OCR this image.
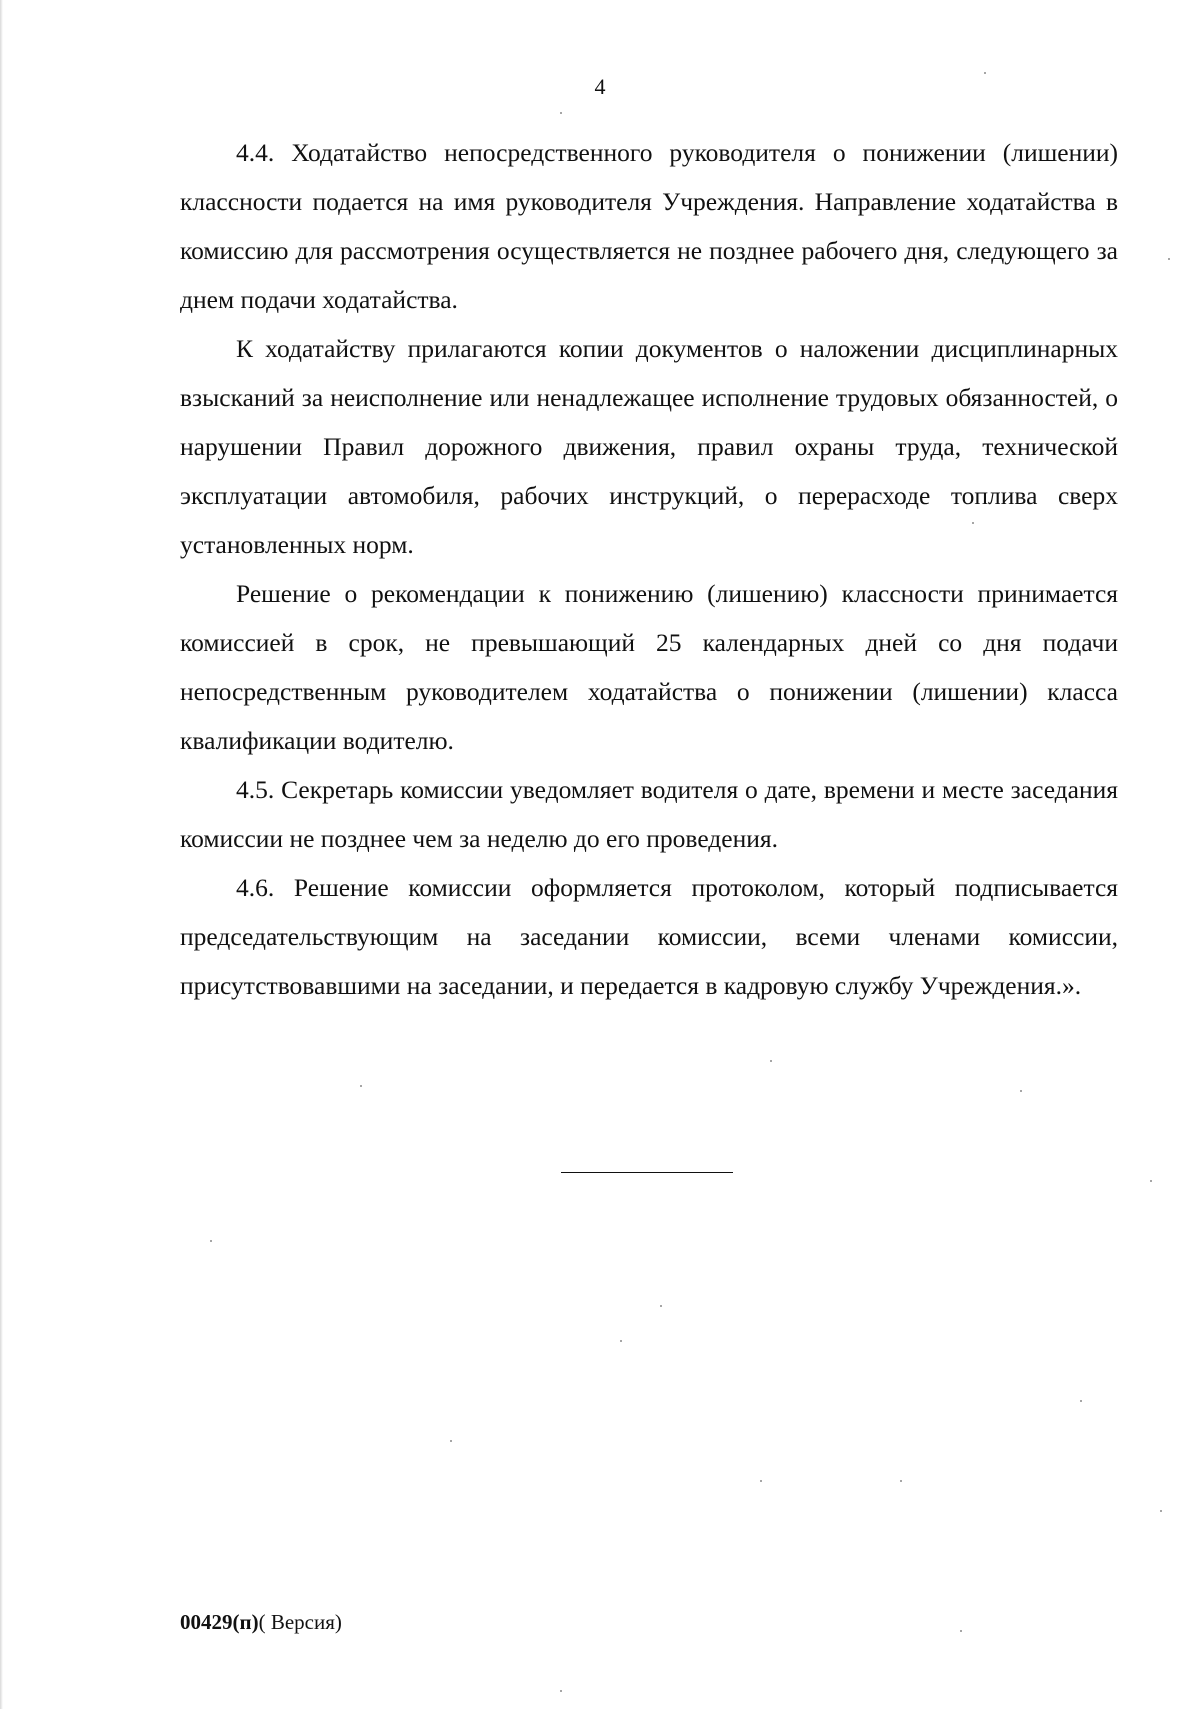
4

4.4. Ходатайство непосредственного руководителя о понижении (лишении) классности подается на имя руководителя Учреждения. Направление ходатайства в комиссию для рассмотрения осуществляется не позднее рабочего дня, следующего за днем подачи ходатайства.

К ходатайству прилагаются копии документов о наложении дисциплинарных взысканий за неисполнение или ненадлежащее исполнение трудовых обязанностей, о нарушении Правил дорожного движения, правил охраны труда, технической эксплуатации автомобиля, рабочих инструкций, о перерасходе топлива сверх установленных норм.

Решение о рекомендации к понижению (лишению) классности принимается комиссией в срок, не превышающий 25 календарных дней со дня подачи непосредственным руководителем ходатайства о понижении (лишении) класса квалификации водителю.

4.5. Секретарь комиссии уведомляет водителя о дате, времени и месте заседания комиссии не позднее чем за неделю до его проведения.

4.6. Решение комиссии оформляется протоколом, который подписывается председательствующим на заседании комиссии, всеми членами комиссии, присутствовавшими на заседании, и передается в кадровую службу Учреждения.».

00429(п)( Версия)
